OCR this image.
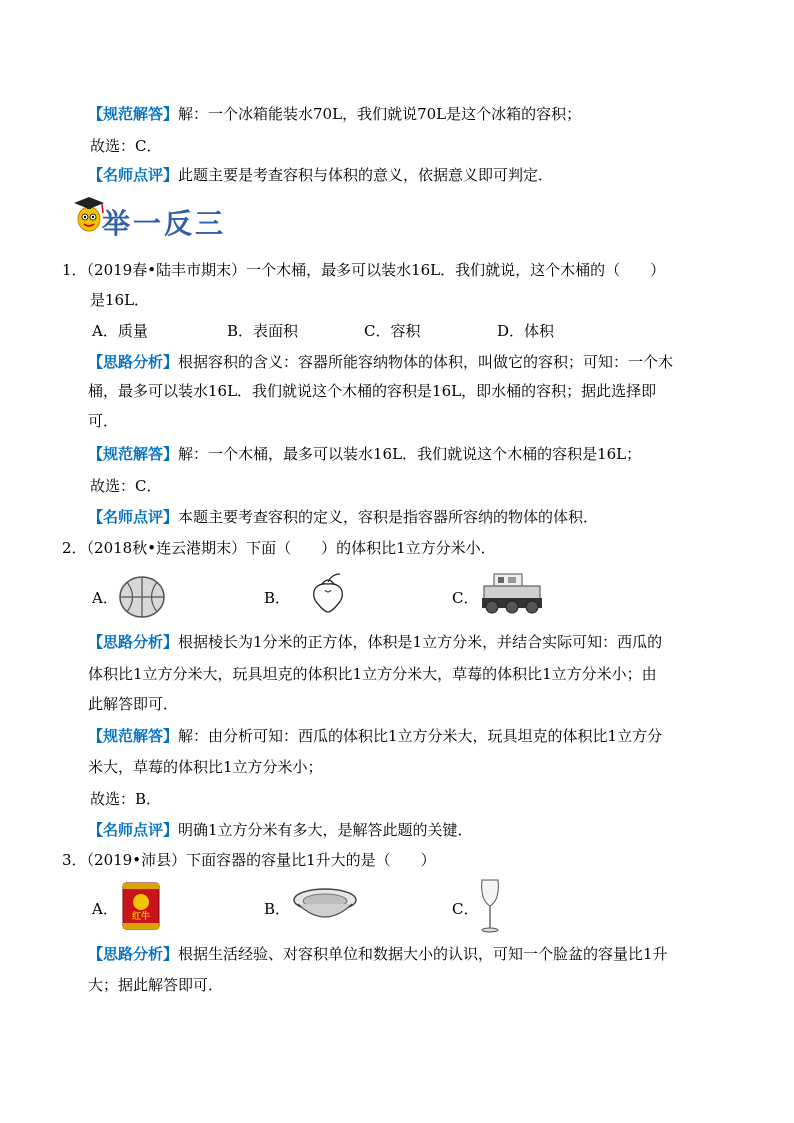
【规范解答】解：一个冰箱能装水70L，我们就说70L是这个冰箱的容积；
故选：C．
【名师点评】此题主要是考查容积与体积的意义，依据意义即可判定．
举一反三
1．（2019春•陆丰市期末）一个木桶，最多可以装水16L．我们就说，这个木桶的（　　）
是16L．
A．质量	B．表面积	C．容积	D．体积
【思路分析】根据容积的含义：容器所能容纳物体的体积，叫做它的容积；可知：一个木
桶，最多可以装水16L．我们就说这个木桶的容积是16L，即水桶的容积；据此选择即
可．
【规范解答】解：一个木桶，最多可以装水16L．我们就说这个木桶的容积是16L；
故选：C．
【名师点评】本题主要考查容积的定义，容积是指容器所容纳的物体的体积．
2．（2018秋•连云港期末）下面（　　）的体积比1立方分米小．
A．	B．	C．
【思路分析】根据棱长为1分米的正方体，体积是1立方分米，并结合实际可知：西瓜的
体积比1立方分米大，玩具坦克的体积比1立方分米大，草莓的体积比1立方分米小；由
此解答即可．
【规范解答】解：由分析可知：西瓜的体积比1立方分米大，玩具坦克的体积比1立方分
米大，草莓的体积比1立方分米小；
故选：B．
【名师点评】明确1立方分米有多大，是解答此题的关键．
3．（2019•沛县）下面容器的容量比1升大的是（　　）
A． 红牛	B．	C．
【思路分析】根据生活经验、对容积单位和数据大小的认识，可知一个脸盆的容量比1升
大；据此解答即可．
